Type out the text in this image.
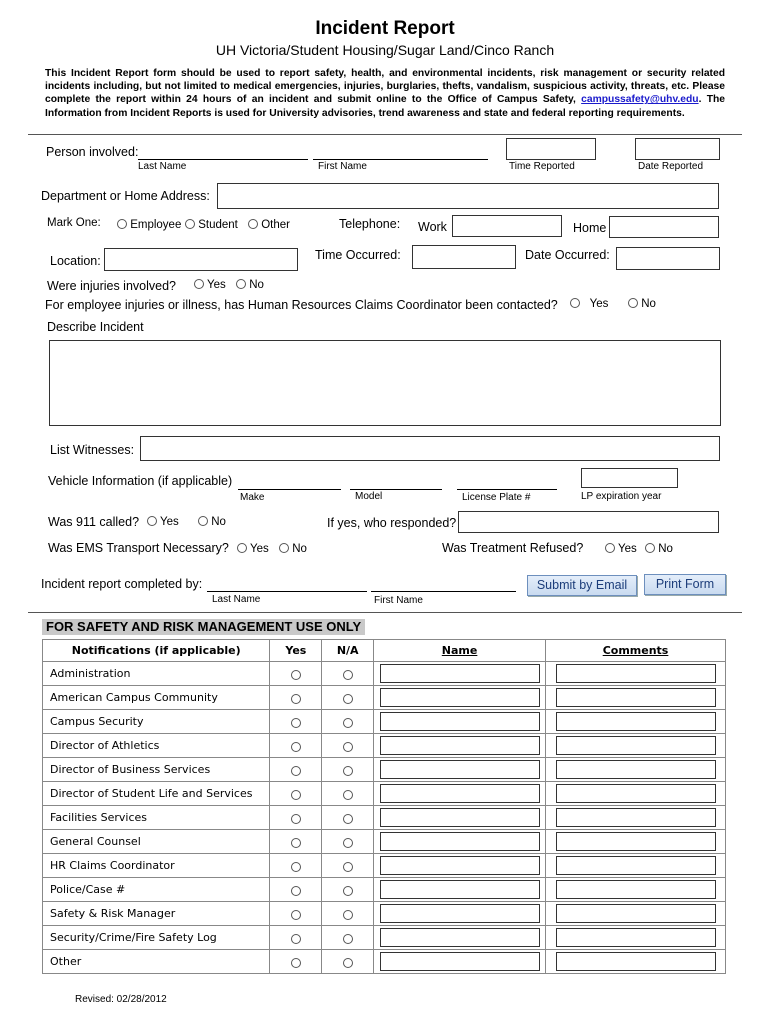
Incident Report
UH Victoria/Student Housing/Sugar Land/Cinco Ranch
This Incident Report form should be used to report safety, health, and environmental incidents, risk management or security related incidents including, but not limited to medical emergencies, injuries, burglaries, thefts, vandalism, suspicious activity, threats, etc. Please complete the report within 24 hours of an incident and submit online to the Office of Campus Safety, campussafety@uhv.edu. The Information from Incident Reports is used for University advisories, trend awareness and state and federal reporting requirements.
Person involved:
Last Name	First Name	Time Reported	Date Reported
Department or Home Address:
Mark One:	Employee	Student	Other	Telephone: Work	Home
Location:	Time Occurred:	Date Occurred:
Were injuries involved?	Yes	No
For employee injuries or illness, has Human Resources Claims Coordinator been contacted?	Yes	No
Describe Incident
List Witnesses:
Vehicle Information (if applicable)
Make	Model	License Plate #	LP expiration year
Was 911 called?	Yes	No	If yes, who responded?
Was EMS Transport Necessary?	Yes	No	Was Treatment Refused?	Yes	No
Incident report completed by:
Last Name	First Name
Submit by Email	Print Form
FOR SAFETY AND RISK MANAGEMENT USE ONLY
Notifications (if applicable)	Yes	N/A	Name	Comments
Administration			

American Campus Community			

Campus Security			

Director of Athletics			

Director of Business Services			

Director of Student Life and Services			

Facilities Services			

General Counsel			

HR Claims Coordinator			

Police/Case #			

Safety & Risk Manager			

Security/Crime/Fire Safety Log			

Other			

Revised: 02/28/2012
